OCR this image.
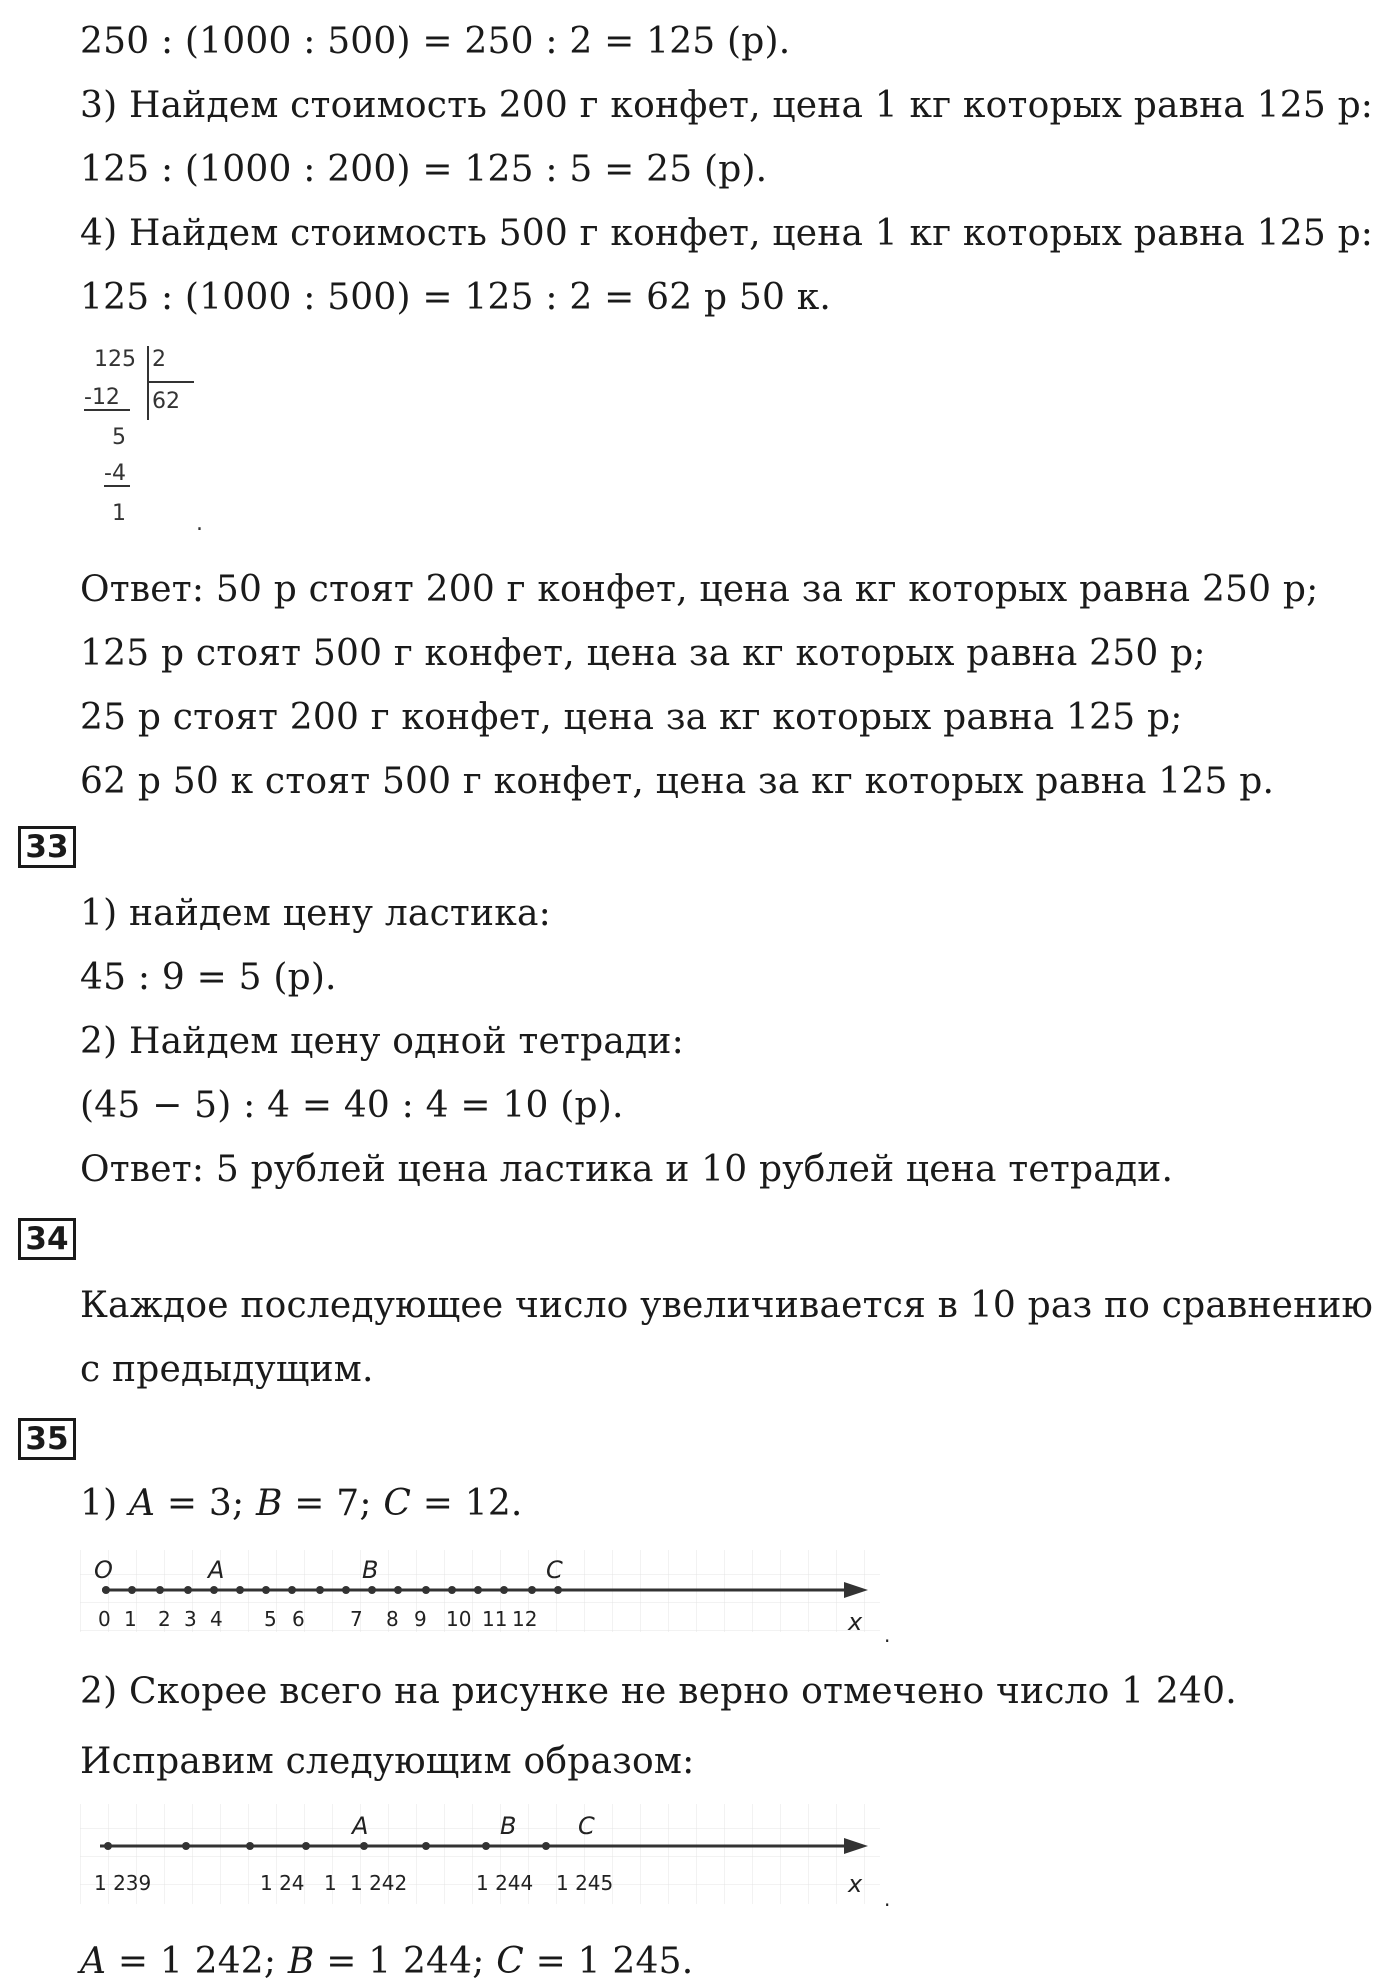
250 : (1000 : 500) = 250 : 2 = 125 (р).
3) Найдем стоимость 200 г конфет, цена 1 кг которых равна 125 р:
125 : (1000 : 200) = 125 : 5 = 25 (р).
4) Найдем стоимость 500 г конфет, цена 1 кг которых равна 125 р:
125 : (1000 : 500) = 125 : 2 = 62 р 50 к.
125 2
62
-12
5
-4
1	.
Ответ: 50 р стоят 200 г конфет, цена за кг которых равна 250 р;
125 р стоят 500 г конфет, цена за кг которых равна 250 р;
25 р стоят 200 г конфет, цена за кг которых равна 125 р;
62 р 50 к стоят 500 г конфет, цена за кг которых равна 125 р.
33
1) найдем цену ластика:
45 : 9 = 5 (р).
2) Найдем цену одной тетради:
(45 − 5) : 4 = 40 : 4 = 10 (р).
Ответ: 5 рублей цена ластика и 10 рублей цена тетради.
34
Каждое последующее число увеличивается в 10 раз по сравнению
с предыдущим.
35
1) A = 3; B = 7; C = 12.
0 1 2 3 4 5 6 7 8 9 10 11 12
O	A	B	C
x .
2) Скорее всего на рисунке не верно отмечено число 1 240.
Исправим следующим образом:
A	B	C
1 239	1 24 1 1 242	1 244 1 245	x
.
A = 1 242; B = 1 244; C = 1 245.
